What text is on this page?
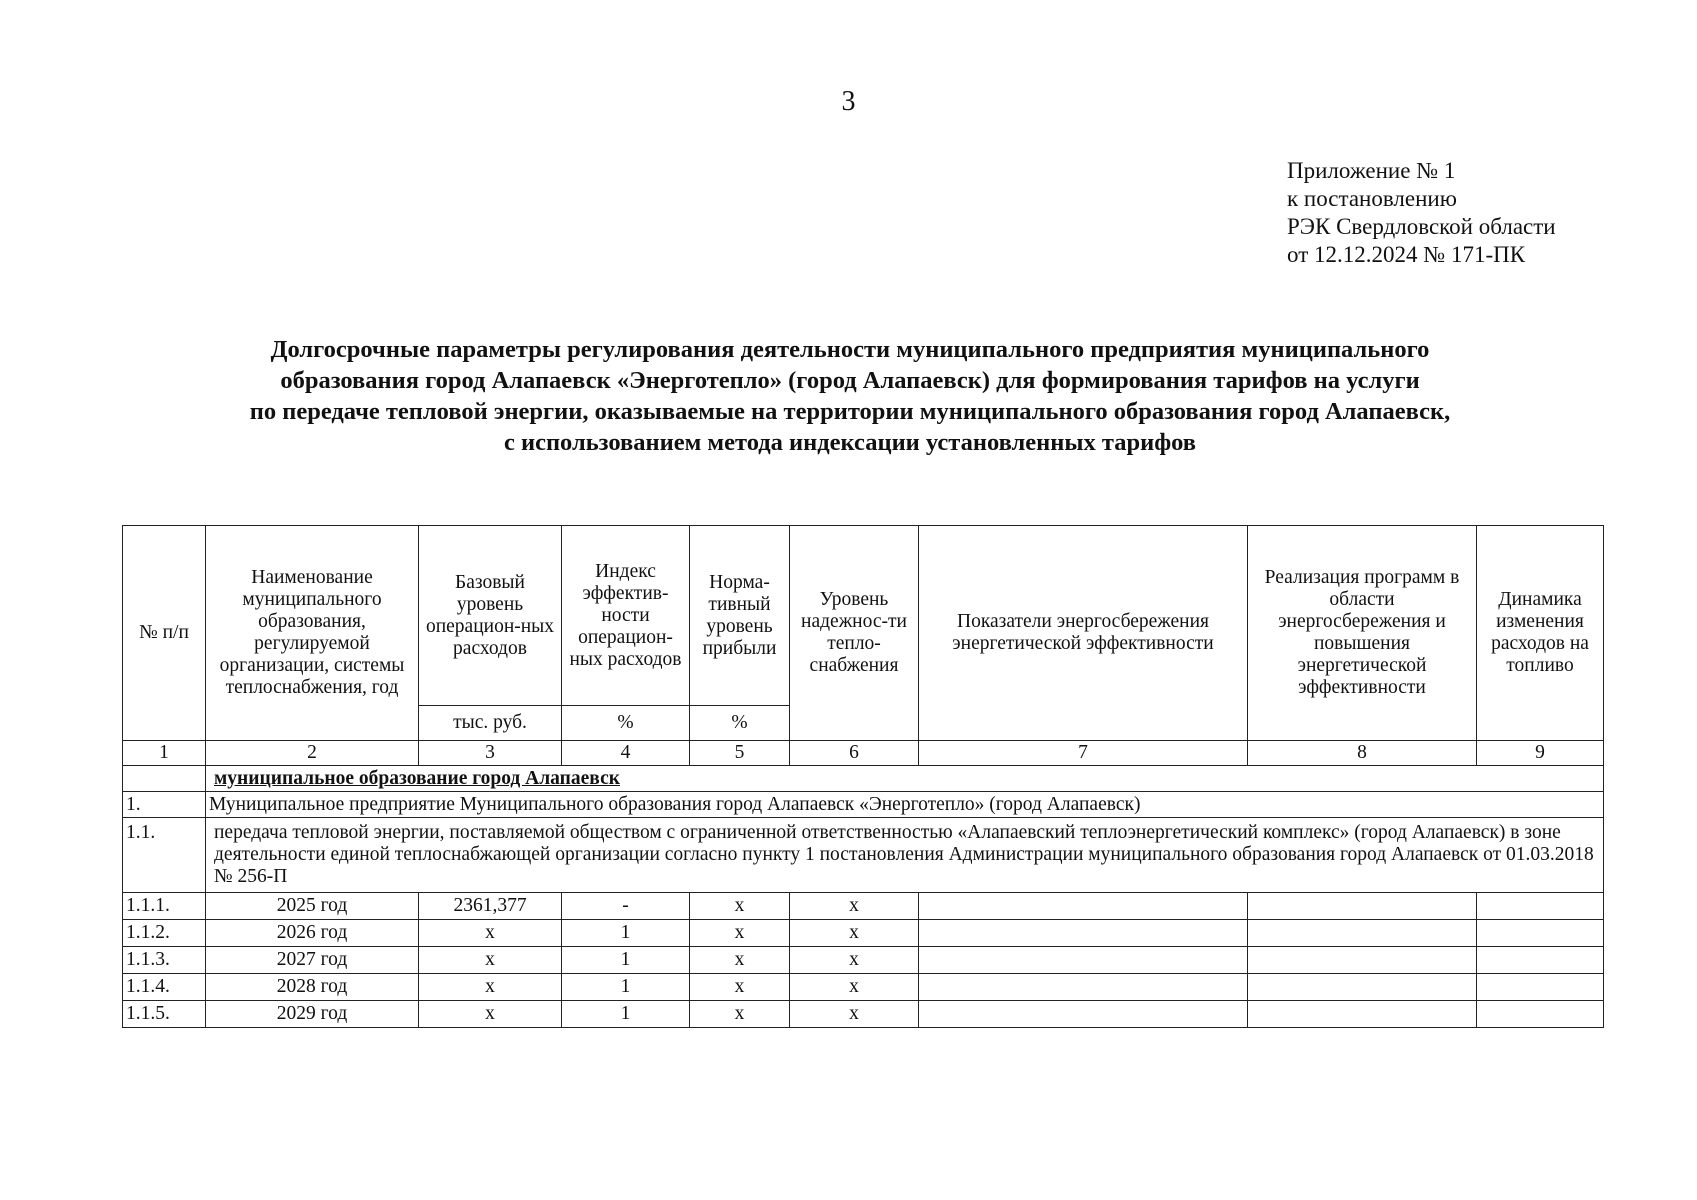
3
Приложение № 1
к постановлению
РЭК Свердловской области
от 12.12.2024 № 171-ПК
Долгосрочные параметры регулирования деятельности муниципального предприятия муниципального
образования город Алапаевск «Энерготепло» (город Алапаевск) для формирования тарифов на услуги
по передаче тепловой энергии, оказываемые на территории муниципального образования город Алапаевск,
с использованием метода индексации установленных тарифов
№ п/п	Наименование муниципального образования, регулируемой организации, системы теплоснабжения, год	Базовый уровень операцион-ных расходов	Индекс эффектив-ности операцион-ных расходов	Норма-тивный уровень прибыли	Уровень надежнос-ти тепло-снабжения	Показатели энергосбережения энергетической эффективности	Реализация программ в области энергосбережения и повышения энергетической эффективности	Динамика изменения расходов на топливо
		тыс. руб.	%	%				
1	2	3	4	5	6	7	8	9
	муниципальное образование город Алапаевск							
1.	Муниципальное предприятие Муниципального образования город Алапаевск «Энерготепло» (город Алапаевск)							
1.1.	передача тепловой энергии, поставляемой обществом с ограниченной ответственностью «Алапаевский теплоэнергетический комплекс» (город Алапаевск) в зоне деятельности единой теплоснабжающей организации согласно пункту 1 постановления Администрации муниципального образования город Алапаевск от 01.03.2018 № 256-П							
1.1.1.	2025 год	2361,377	-	х	х			
1.1.2.	2026 год	х	1	х	х			
1.1.3.	2027 год	х	1	х	х			
1.1.4.	2028 год	х	1	х	х			
1.1.5.	2029 год	х	1	х	х			
